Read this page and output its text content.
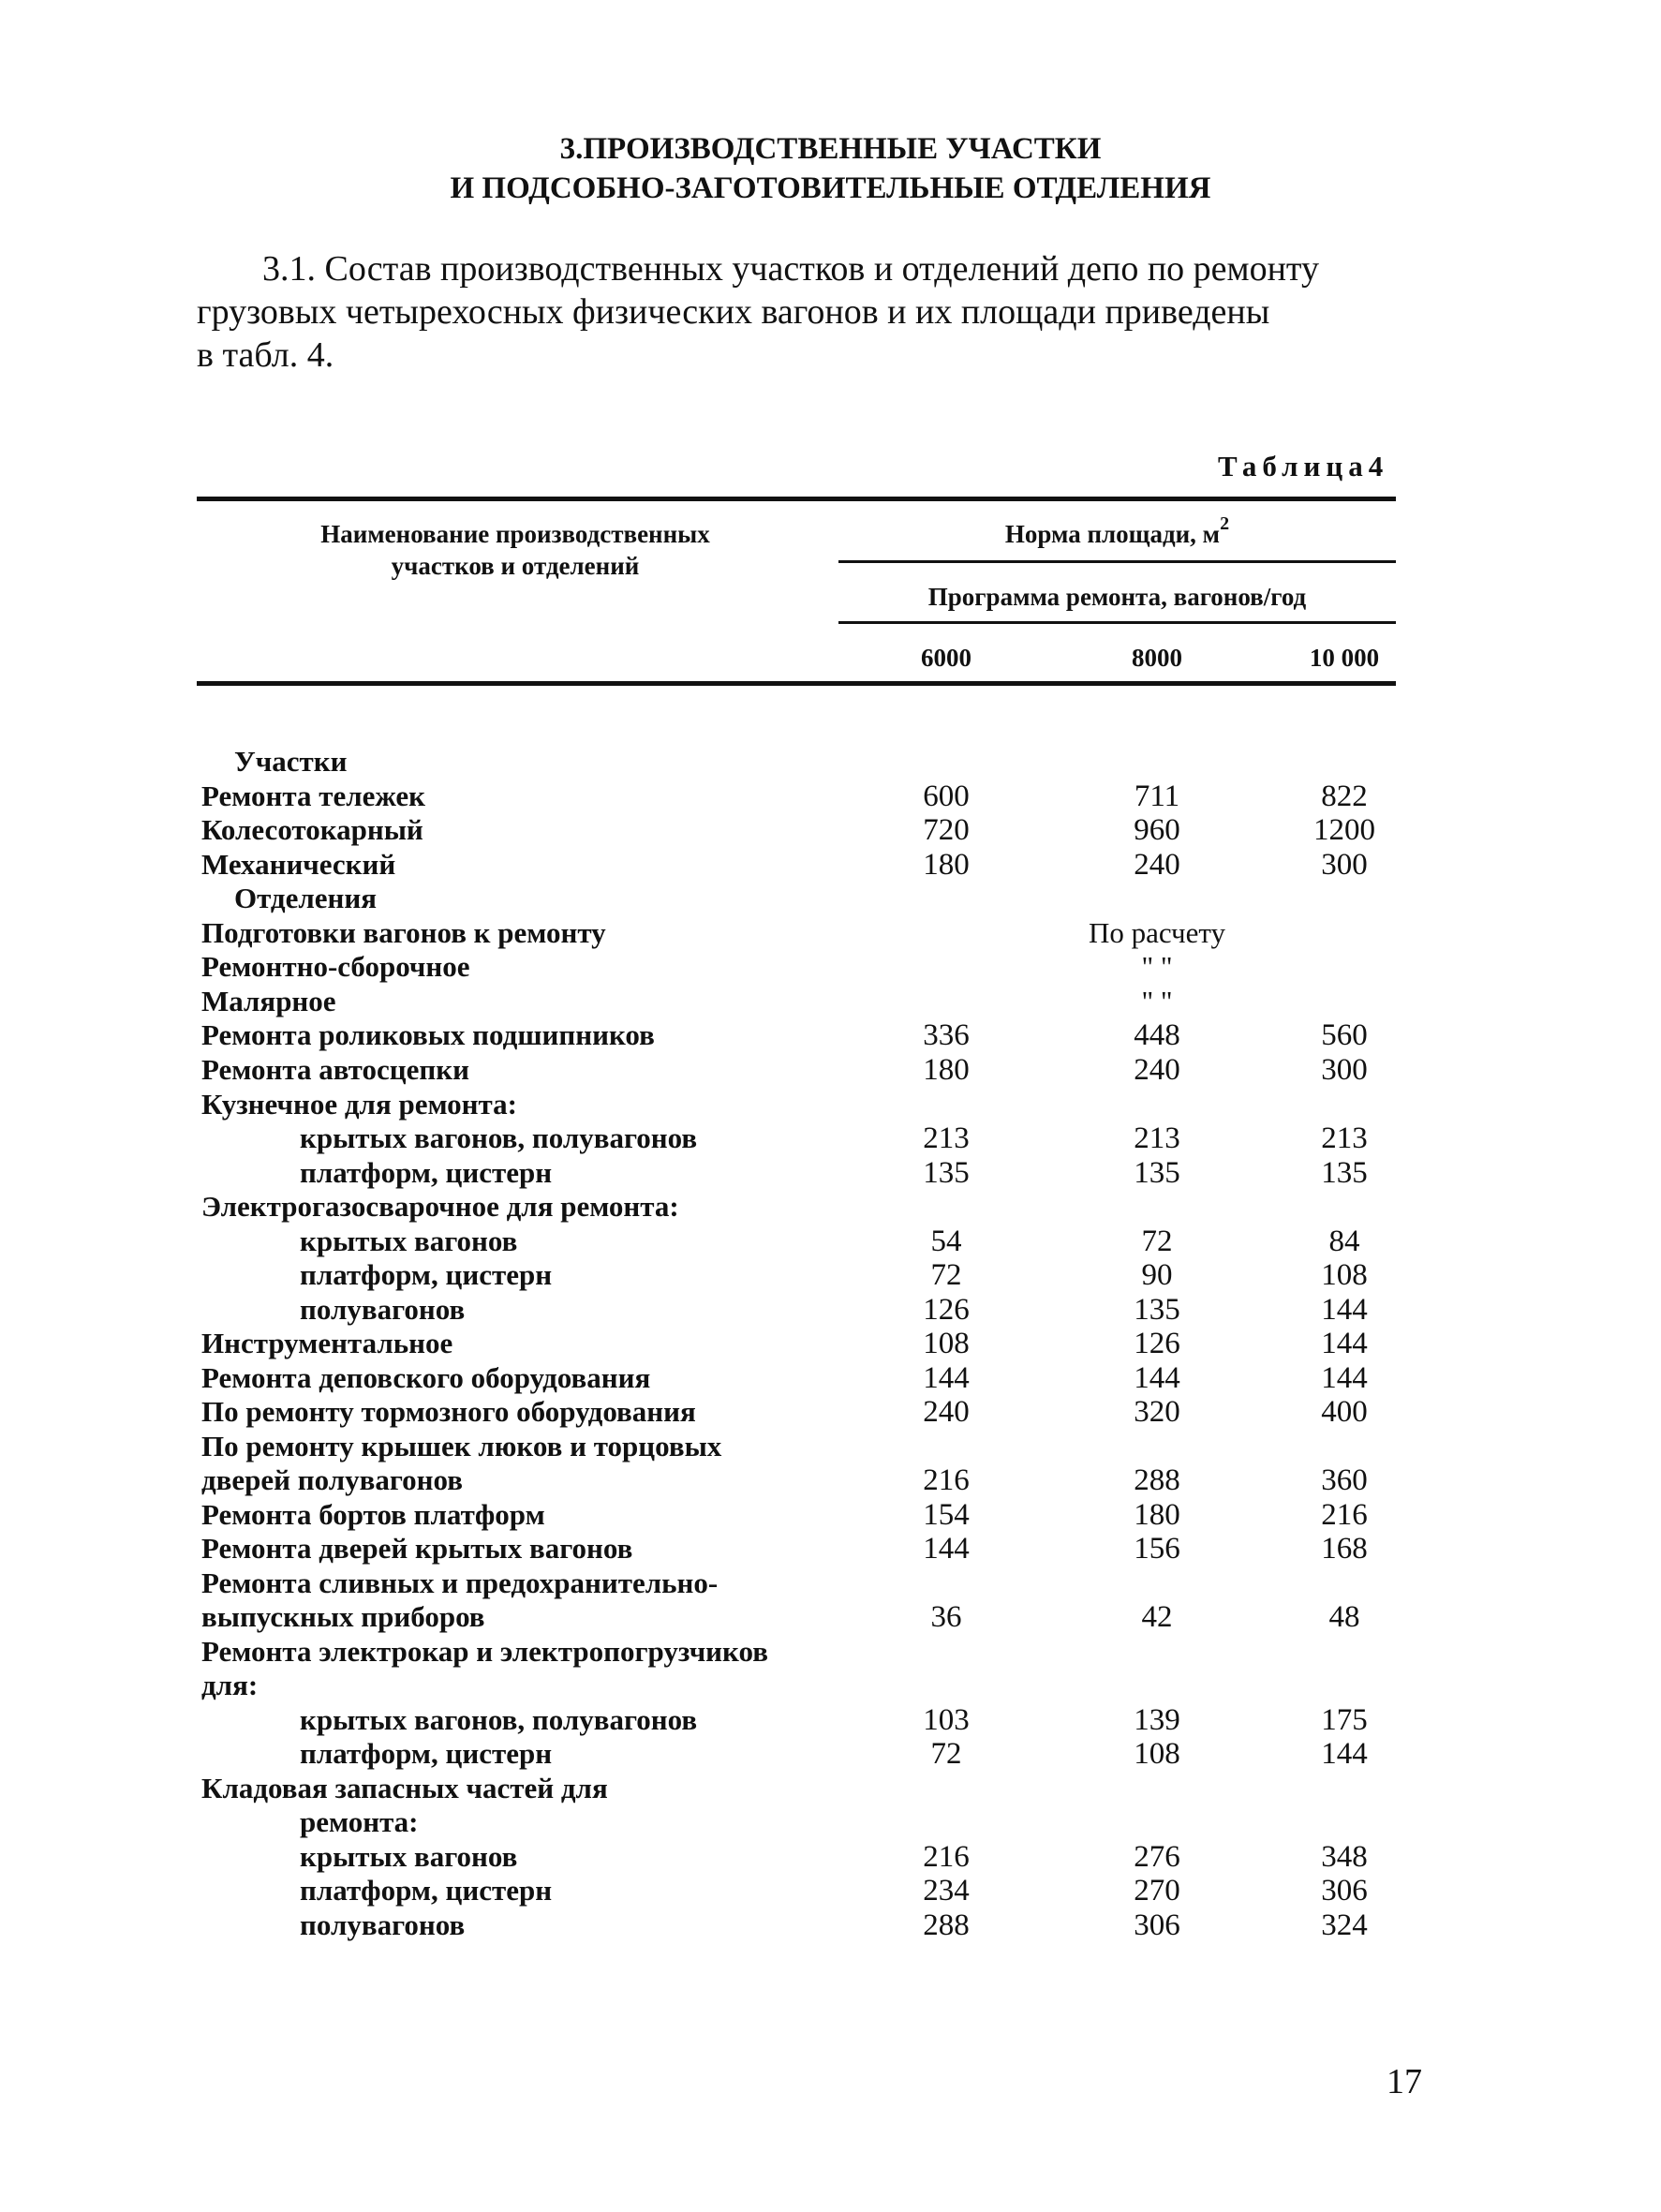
3.ПРОИЗВОДСТВЕННЫЕ УЧАСТКИ
И ПОДСОБНО-ЗАГОТОВИТЕЛЬНЫЕ ОТДЕЛЕНИЯ
3.1. Состав производственных участков и отделений депо по ремонту
грузовых четырехосных физических вагонов и их площади приведены
в табл. 4.
Таблица4
Наименование производственных
участков и отделений
Норма площади, $м^2$
Программа ремонта, вагонов/год
6000	8000	10 000
Участки
Ремонта тележек	600	711	822
Колесотокарный	720	960	1200
Механический	180	240	300
Отделения
Подготовки вагонов к ремонту	По расчету
Ремонтно-сборочное	" "
Малярное	" "
Ремонта роликовых подшипников	336	448	560
Ремонта автосцепки	180	240	300
Кузнечное для ремонта:
крытых вагонов, полувагонов	213	213	213
платформ, цистерн	135	135	135
Электрогазосварочное для ремонта:
крытых вагонов	54	72	84
платформ, цистерн	72	90	108
полувагонов	126	135	144
Инструментальное	108	126	144
Ремонта деповского оборудования	144	144	144
По ремонту тормозного оборудования	240	320	400
По ремонту крышек люков и торцовых
дверей полувагонов	216	288	360
Ремонта бортов платформ	154	180	216
Ремонта дверей крытых вагонов	144	156	168
Ремонта сливных и предохранительно-
выпускных приборов	36	42	48
Ремонта электрокар и электропогрузчиков
для:
крытых вагонов, полувагонов	103	139	175
платформ, цистерн	72	108	144
Кладовая запасных частей для
ремонта:
крытых вагонов	216	276	348
платформ, цистерн	234	270	306
полувагонов	288	306	324
17
